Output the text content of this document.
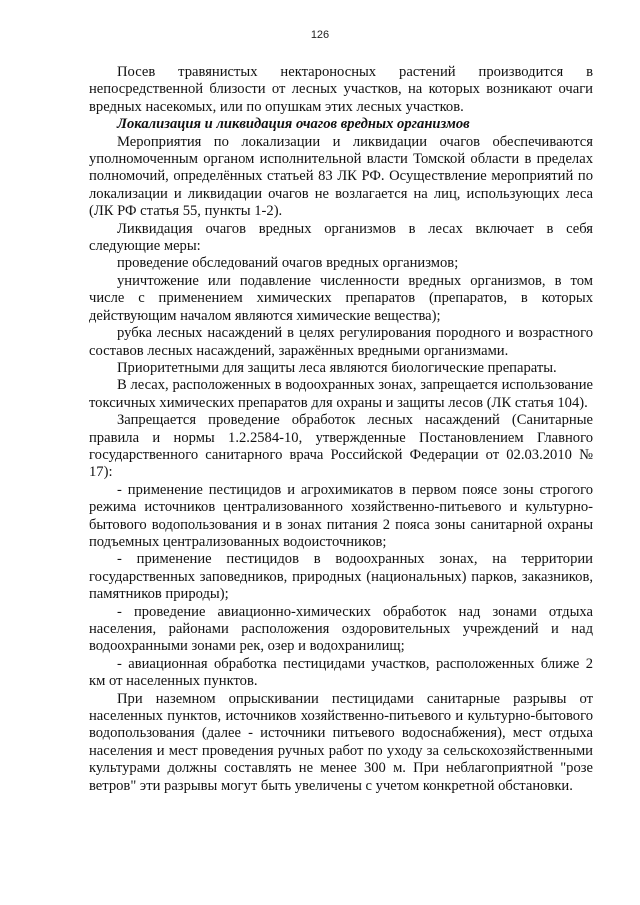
126

Посев травянистых нектароносных растений производится в непосредственной близости от лесных участков, на которых возникают очаги вредных насекомых, или по опушкам этих лесных участков.

Локализация и ликвидация очагов вредных организмов

Мероприятия по локализации и ликвидации очагов обеспечиваются уполномоченным органом исполнительной власти Томской области в пределах полномочий, определённых статьей 83 ЛК РФ. Осуществление мероприятий по локализации и ликвидации очагов не возлагается на лиц, использующих леса (ЛК РФ статья 55, пункты 1-2).

Ликвидация очагов вредных организмов в лесах включает в себя следующие меры:

проведение обследований очагов вредных организмов;

уничтожение или подавление численности вредных организмов, в том числе с применением химических препаратов (препаратов, в которых действующим началом являются химические вещества);

рубка лесных насаждений в целях регулирования породного и возрастного составов лесных насаждений, заражённых вредными организмами.

Приоритетными для защиты леса являются биологические препараты.

В лесах, расположенных в водоохранных зонах, запрещается использование токсичных химических препаратов для охраны и защиты лесов (ЛК статья 104).

Запрещается проведение обработок лесных насаждений (Санитарные правила и нормы 1.2.2584-10, утвержденные Постановлением Главного государственного санитарного врача Российской Федерации от 02.03.2010 № 17):

- применение пестицидов и агрохимикатов в первом поясе зоны строгого режима источников централизованного хозяйственно-питьевого и культурно-бытового водопользования и в зонах питания 2 пояса зоны санитарной охраны подъемных централизованных водоисточников;

- применение пестицидов в водоохранных зонах, на территории государственных заповедников, природных (национальных) парков, заказников, памятников природы);

- проведение авиационно-химических обработок над зонами отдыха населения, районами расположения оздоровительных учреждений и над водоохранными зонами рек, озер и водохранилищ;

- авиационная обработка пестицидами участков, расположенных ближе 2 км от населенных пунктов.

При наземном опрыскивании пестицидами санитарные разрывы от населенных пунктов, источников хозяйственно-питьевого и культурно-бытового водопользования (далее - источники питьевого водоснабжения), мест отдыха населения и мест проведения ручных работ по уходу за сельскохозяйственными культурами должны составлять не менее 300 м. При неблагоприятной "розе ветров" эти разрывы могут быть увеличены с учетом конкретной обстановки.
